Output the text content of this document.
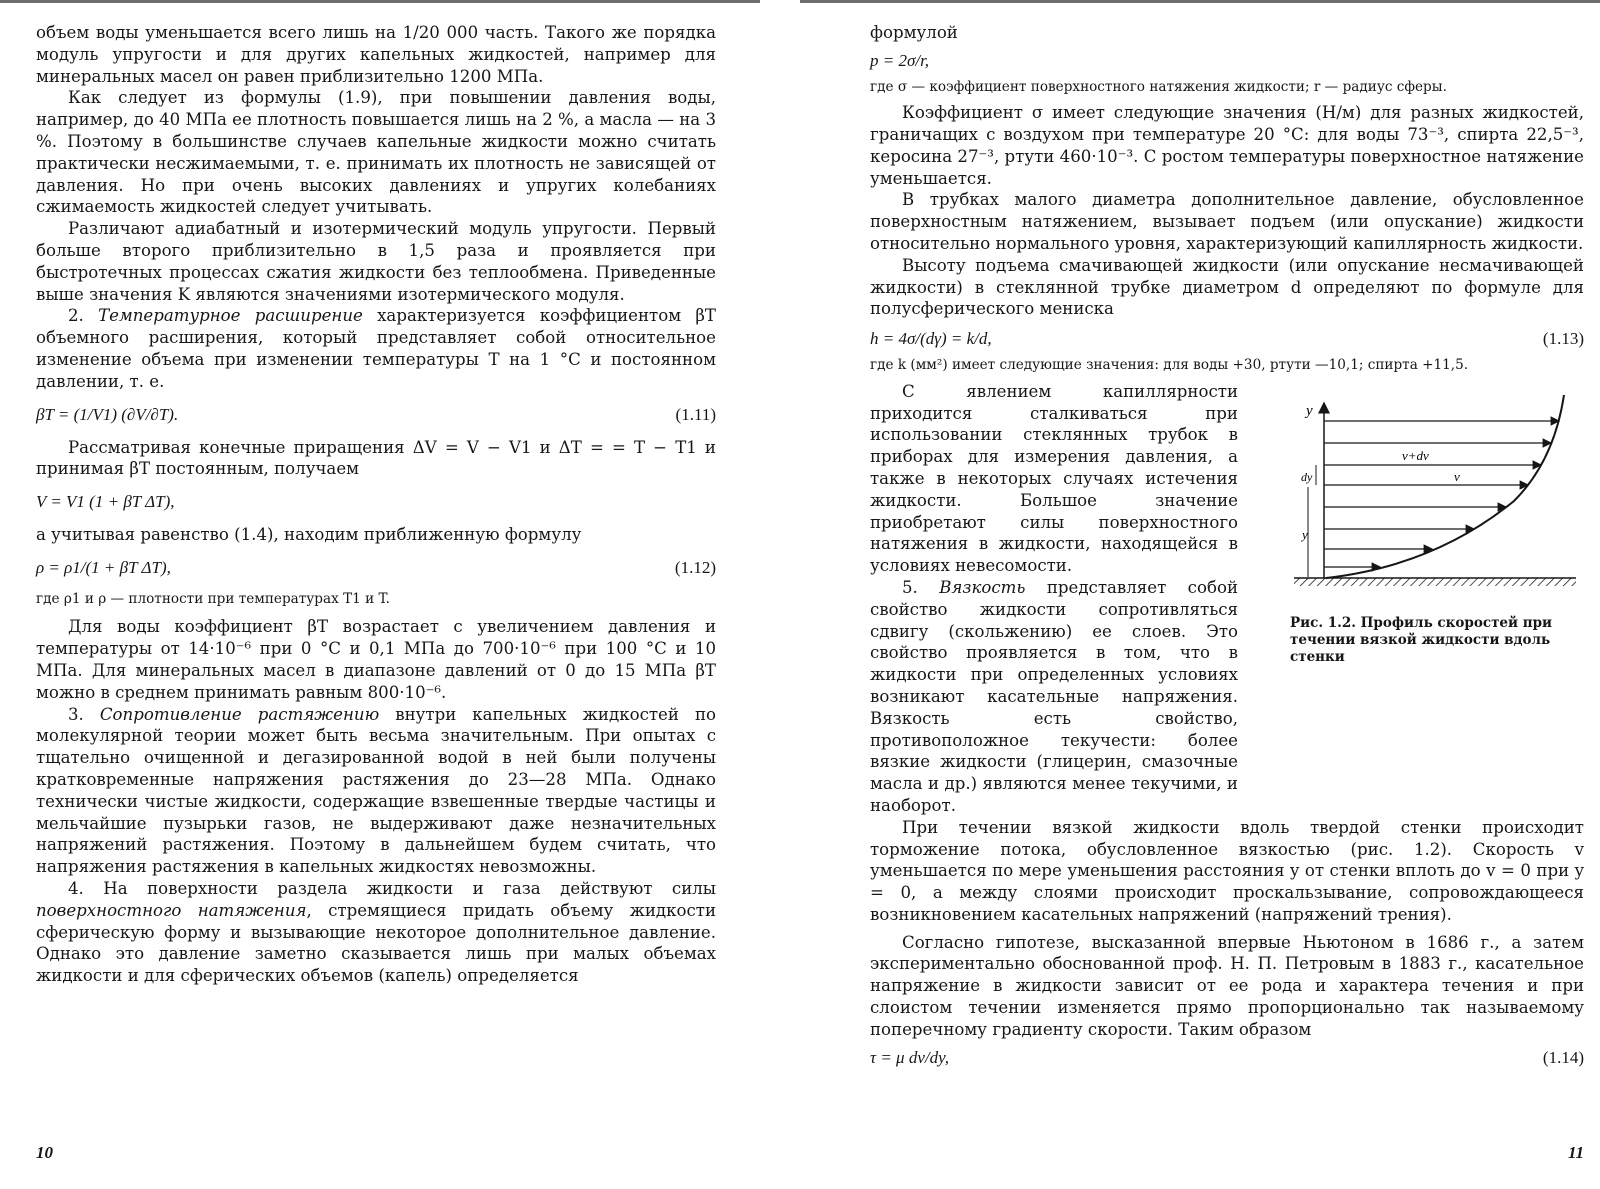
объем воды уменьшается всего лишь на 1/20 000 часть. Такого же порядка модуль упругости и для других капельных жидкостей, например для минеральных масел он равен приблизительно 1200 МПа.

Как следует из формулы (1.9), при повышении давления воды, например, до 40 МПа ее плотность повышается лишь на 2 %, а масла — на 3 %. Поэтому в большинстве случаев капельные жидкости можно считать практически несжимаемыми, т. е. принимать их плотность не зависящей от давления. Но при очень высоких давлениях и упругих колебаниях сжимаемость жидкостей следует учитывать.

Различают адиабатный и изотермический модуль упругости. Первый больше второго приблизительно в 1,5 раза и проявляется при быстротечных процессах сжатия жидкости без теплообмена. Приведенные выше значения K являются значениями изотермического модуля.

2. Температурное расширение характеризуется коэффициентом βT объемного расширения, который представляет собой относительное изменение объема при изменении температуры T на 1 °C и постоянном давлении, т. е.

βT = (1/V1) (∂V/∂T).	(1.11)

Рассматривая конечные приращения ΔV = V − V1 и ΔT = = T − T1 и принимая βT постоянным, получаем

V = V1 (1 + βT ΔT),

а учитывая равенство (1.4), находим приближенную формулу

ρ = ρ1/(1 + βT ΔT),	(1.12)

где ρ1 и ρ — плотности при температурах T1 и T.

Для воды коэффициент βT возрастает с увеличением давления и температуры от 14·10⁻⁶ при 0 °C и 0,1 МПа до 700·10⁻⁶ при 100 °C и 10 МПа. Для минеральных масел в диапазоне давлений от 0 до 15 МПа βT можно в среднем принимать равным 800·10⁻⁶.

3. Сопротивление растяжению внутри капельных жидкостей по молекулярной теории может быть весьма значительным. При опытах с тщательно очищенной и дегазированной водой в ней были получены кратковременные напряжения растяжения до 23—28 МПа. Однако технически чистые жидкости, содержащие взвешенные твердые частицы и мельчайшие пузырьки газов, не выдерживают даже незначительных напряжений растяжения. Поэтому в дальнейшем будем считать, что напряжения растяжения в капельных жидкостях невозможны.

4. На поверхности раздела жидкости и газа действуют силы поверхностного натяжения, стремящиеся придать объему жидкости сферическую форму и вызывающие некоторое дополнительное давление. Однако это давление заметно сказывается лишь при малых объемах жидкости и для сферических объемов (капель) определяется

10

формулой

p = 2σ/r,

где σ — коэффициент поверхностного натяжения жидкости; r — радиус сферы.

Коэффициент σ имеет следующие значения (Н/м) для разных жидкостей, граничащих с воздухом при температуре 20 °C: для воды 73⁻³, спирта 22,5⁻³, керосина 27⁻³, ртути 460·10⁻³. С ростом температуры поверхностное натяжение уменьшается.

В трубках малого диаметра дополнительное давление, обусловленное поверхностным натяжением, вызывает подъем (или опускание) жидкости относительно нормального уровня, характеризующий капиллярность жидкости.

Высоту подъема смачивающей жидкости (или опускание несмачивающей жидкости) в стеклянной трубке диаметром d определяют по формуле для полусферического мениска

h = 4σ/(dγ) = k/d,	(1.13)

где k (мм²) имеет следующие значения: для воды +30, ртути —10,1; спирта +11,5.

С явлением капиллярности приходится сталкиваться при использовании стеклянных трубок в приборах для измерения давления, а также в некоторых случаях истечения жидкости. Большое значение приобретают силы поверхностного натяжения в жидкости, находящейся в условиях невесомости.

5. Вязкость представляет собой свойство жидкости сопротивляться сдвигу (скольжению) ее слоев. Это свойство проявляется в том, что в жидкости при определенных условиях возникают касательные напряжения. Вязкость есть свойство, противоположное текучести: более вязкие жидкости (глицерин, смазочные масла и др.) являются менее текучими, и наоборот.

y
dy
y
v+dv
v
Рис. 1.2. Профиль скоростей при течении вязкой жидкости вдоль стенки

При течении вязкой жидкости вдоль твердой стенки происходит торможение потока, обусловленное вязкостью (рис. 1.2). Скорость v уменьшается по мере уменьшения расстояния y от стенки вплоть до v = 0 при y = 0, а между слоями происходит проскальзывание, сопровождающееся возникновением касательных напряжений (напряжений трения).

Согласно гипотезе, высказанной впервые Ньютоном в 1686 г., а затем экспериментально обоснованной проф. Н. П. Петровым в 1883 г., касательное напряжение в жидкости зависит от ее рода и характера течения и при слоистом течении изменяется прямо пропорционально так называемому поперечному градиенту скорости. Таким образом

τ = μ dv/dy,	(1.14)
11
